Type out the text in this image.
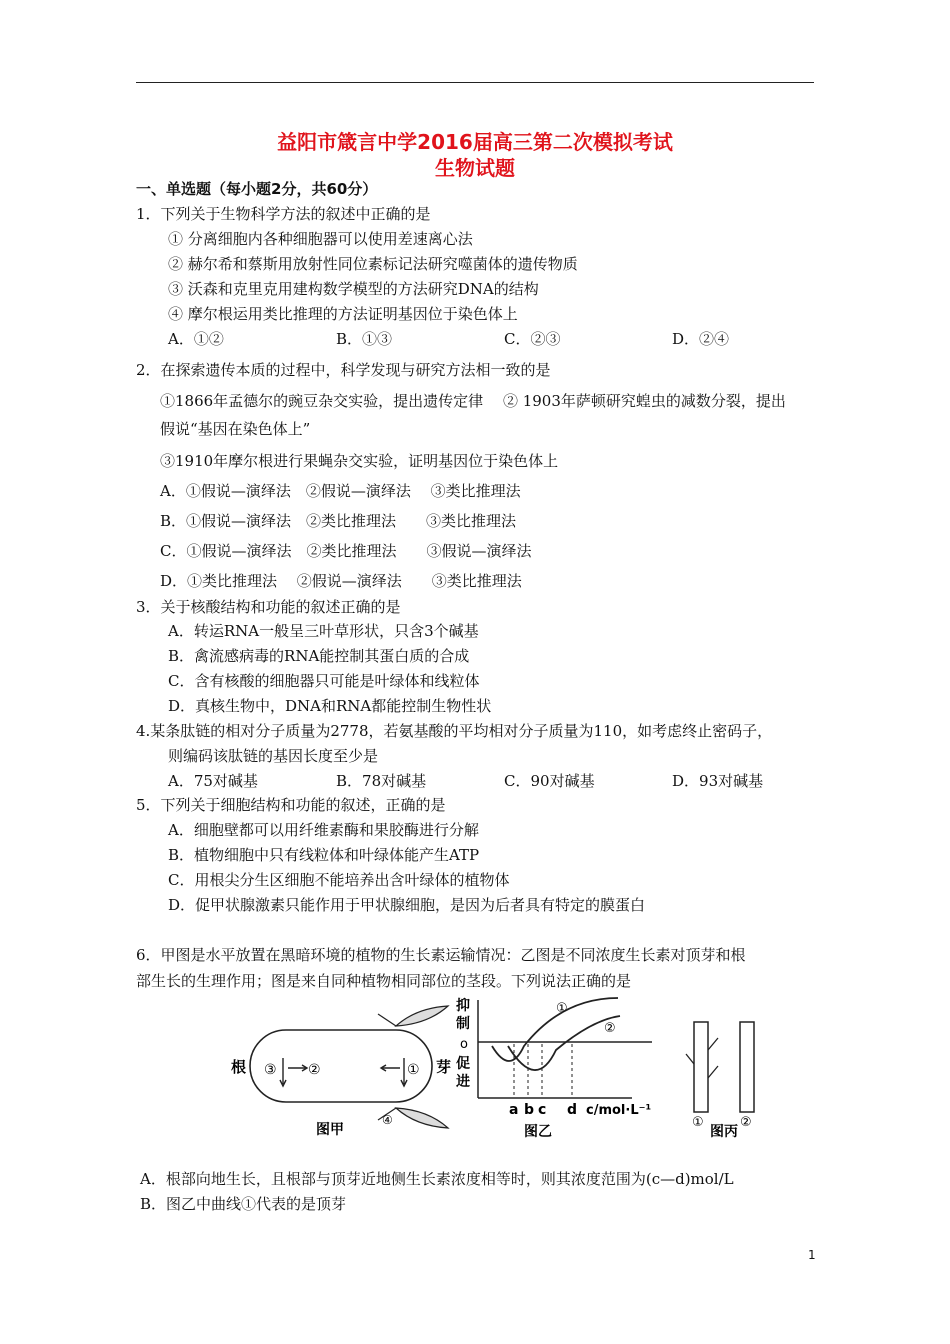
益阳市箴言中学2016届高三第二次模拟考试
生物试题
一、单选题（每小题2分，共60分）
1．下列关于生物科学方法的叙述中正确的是
① 分离细胞内各种细胞器可以使用差速离心法
② 赫尔希和蔡斯用放射性同位素标记法研究噬菌体的遗传物质
③ 沃森和克里克用建构数学模型的方法研究DNA的结构
④ 摩尔根运用类比推理的方法证明基因位于染色体上
A．①②	B．①③	C．②③	D．②④
2．在探索遗传本质的过程中，科学发现与研究方法相一致的是
①1866年孟德尔的豌豆杂交实验，提出遗传定律　 ② 1903年萨顿研究蝗虫的减数分裂，提出
假说“基因在染色体上”
③1910年摩尔根进行果蝇杂交实验，证明基因位于染色体上
A．①假说—演绎法　②假说—演绎法　 ③类比推理法
B．①假说—演绎法　②类比推理法　　③类比推理法
C．①假说—演绎法　②类比推理法　　③假说—演绎法
D．①类比推理法　 ②假说—演绎法　　③类比推理法
3．关于核酸结构和功能的叙述正确的是
A．转运RNA一般呈三叶草形状，只含3个碱基
B．禽流感病毒的RNA能控制其蛋白质的合成
C．含有核酸的细胞器只可能是叶绿体和线粒体
D．真核生物中，DNA和RNA都能控制生物性状
4.某条肽链的相对分子质量为2778，若氨基酸的平均相对分子质量为110，如考虑终止密码子，
则编码该肽链的基因长度至少是
A．75对碱基	B．78对碱基	C．90对碱基	D．93对碱基
5．下列关于细胞结构和功能的叙述，正确的是
A．细胞壁都可以用纤维素酶和果胶酶进行分解
B．植物细胞中只有线粒体和叶绿体能产生ATP
C．用根尖分生区细胞不能培养出含叶绿体的植物体
D．促甲状腺激素只能作用于甲状腺细胞，是因为后者具有特定的膜蛋白
6．甲图是水平放置在黑暗环境的植物的生长素运输情况：乙图是不同浓度生长素对顶芽和根
部生长的生理作用；图是来自同种植物相同部位的茎段。下列说法正确的是
根	芽
③ ②	①
④
图甲
抑
制
o
促
进
①
②
a b c d c/mol·L⁻¹
图乙
①	②
图丙
A．根部向地生长，且根部与顶芽近地侧生长素浓度相等时，则其浓度范围为(c—d)mol/L
B．图乙中曲线①代表的是顶芽
1
